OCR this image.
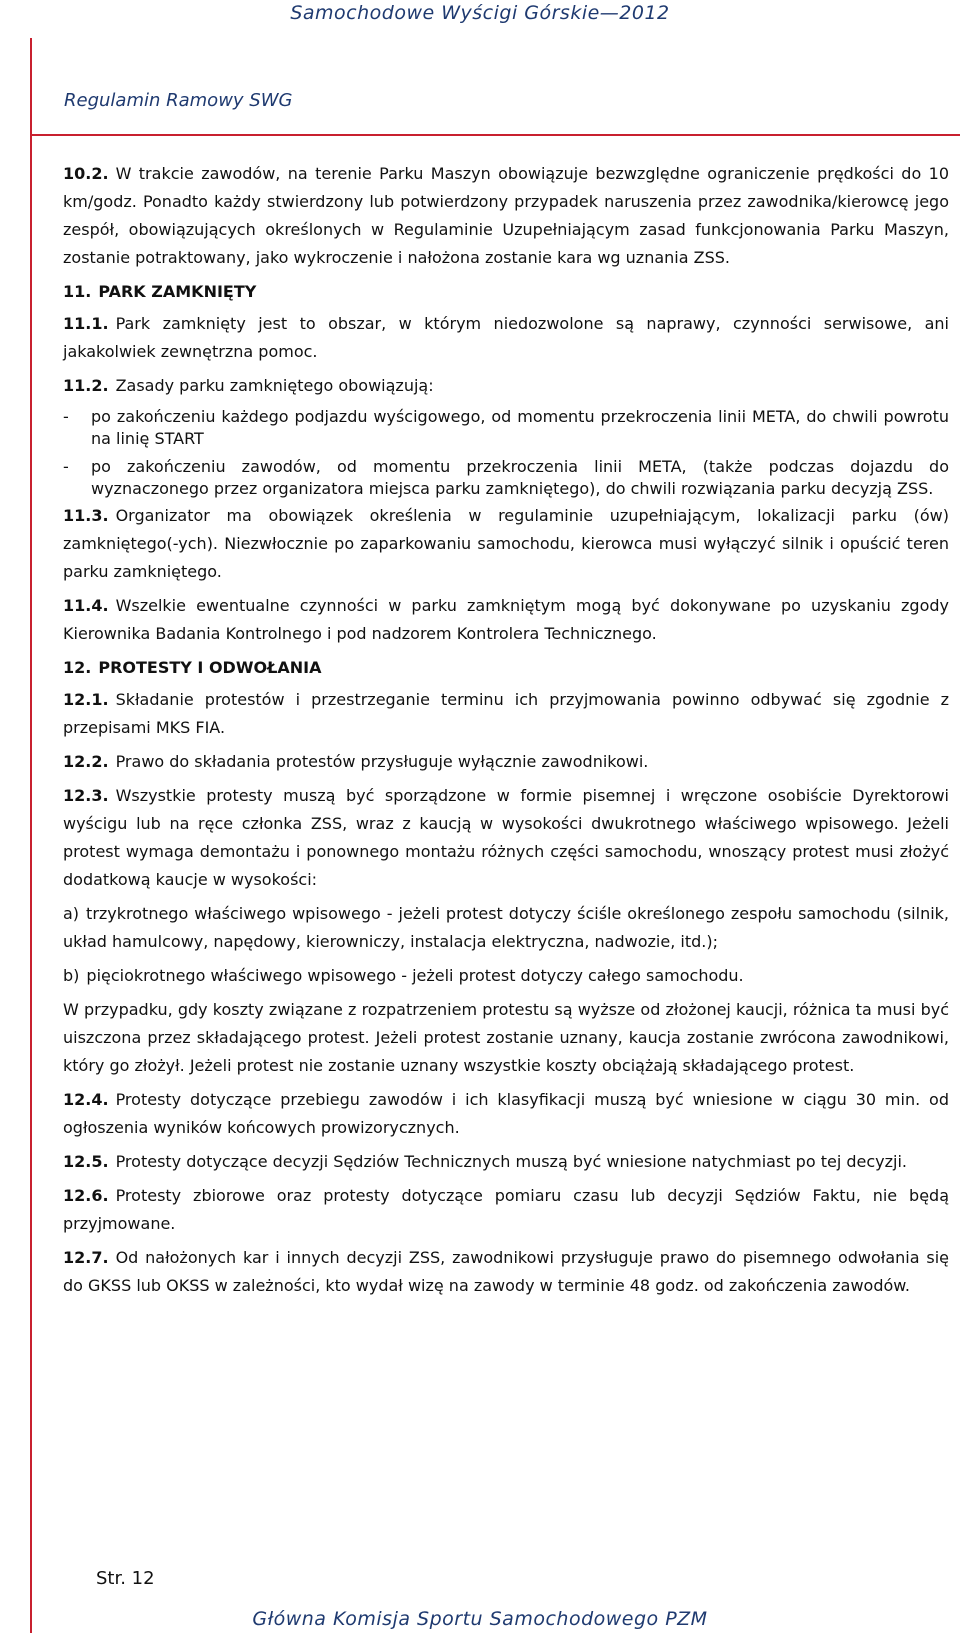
Samochodowe Wyścigi Górskie—2012
Regulamin Ramowy SWG

10.2. W trakcie zawodów, na terenie Parku Maszyn obowiązuje bezwzględne ograniczenie prędkości do 10 km/godz. Ponadto każdy stwierdzony lub potwierdzony przypadek naruszenia przez zawodnika/kierowcę jego zespół, obowiązujących określonych w Regulaminie Uzupełniającym zasad funkcjonowania Parku Maszyn, zostanie potraktowany, jako wykroczenie i nałożona zostanie kara wg uznania ZSS.

11. PARK ZAMKNIĘTY

11.1. Park zamknięty jest to obszar, w którym niedozwolone są naprawy, czynności serwisowe, ani jakakolwiek zewnętrzna pomoc.

11.2. Zasady parku zamkniętego obowiązują:

-	po zakończeniu każdego podjazdu wyścigowego, od momentu przekroczenia linii META, do chwili powrotu na linię START
-	po zakończeniu zawodów, od momentu przekroczenia linii META, (także podczas dojazdu do wyznaczonego przez organizatora miejsca parku zamkniętego), do chwili rozwiązania parku decyzją ZSS.

11.3. Organizator ma obowiązek określenia w regulaminie uzupełniającym, lokalizacji parku (ów) zamkniętego(-ych). Niezwłocznie po zaparkowaniu samochodu, kierowca musi wyłączyć silnik i opuścić teren parku zamkniętego.

11.4. Wszelkie ewentualne czynności w parku zamkniętym mogą być dokonywane po uzyskaniu zgody Kierownika Badania Kontrolnego i pod nadzorem Kontrolera Technicznego.

12. PROTESTY I ODWOŁANIA

12.1. Składanie protestów i przestrzeganie terminu ich przyjmowania powinno odbywać się zgodnie z przepisami MKS FIA.

12.2. Prawo do składania protestów przysługuje wyłącznie zawodnikowi.

12.3. Wszystkie protesty muszą być sporządzone w formie pisemnej i wręczone osobiście Dyrektorowi wyścigu lub na ręce członka ZSS, wraz z kaucją w wysokości dwukrotnego właściwego wpisowego. Jeżeli protest wymaga demontażu i ponownego montażu różnych części samochodu, wnoszący protest musi złożyć dodatkową kaucje w wysokości:

a) trzykrotnego właściwego wpisowego - jeżeli protest dotyczy ściśle określonego zespołu samochodu (silnik, układ hamulcowy, napędowy, kierowniczy, instalacja elektryczna, nadwozie, itd.);

b) pięciokrotnego właściwego wpisowego - jeżeli protest dotyczy całego samochodu.

W przypadku, gdy koszty związane z rozpatrzeniem protestu są wyższe od złożonej kaucji, różnica ta musi być uiszczona przez składającego protest. Jeżeli protest zostanie uznany, kaucja zostanie zwrócona zawodnikowi, który go złożył. Jeżeli protest nie zostanie uznany wszystkie koszty obciążają składającego protest.

12.4. Protesty dotyczące przebiegu zawodów i ich klasyfikacji muszą być wniesione w ciągu 30 min. od ogłoszenia wyników końcowych prowizorycznych.

12.5. Protesty dotyczące decyzji Sędziów Technicznych muszą być wniesione natychmiast po tej decyzji.

12.6. Protesty zbiorowe oraz protesty dotyczące pomiaru czasu lub decyzji Sędziów Faktu, nie będą przyjmowane.

12.7. Od nałożonych kar i innych decyzji ZSS, zawodnikowi przysługuje prawo do pisemnego odwołania się do GKSS lub OKSS w zależności, kto wydał wizę na zawody w terminie 48 godz. od zakończenia zawodów.

Str. 12
Główna Komisja Sportu Samochodowego PZM
